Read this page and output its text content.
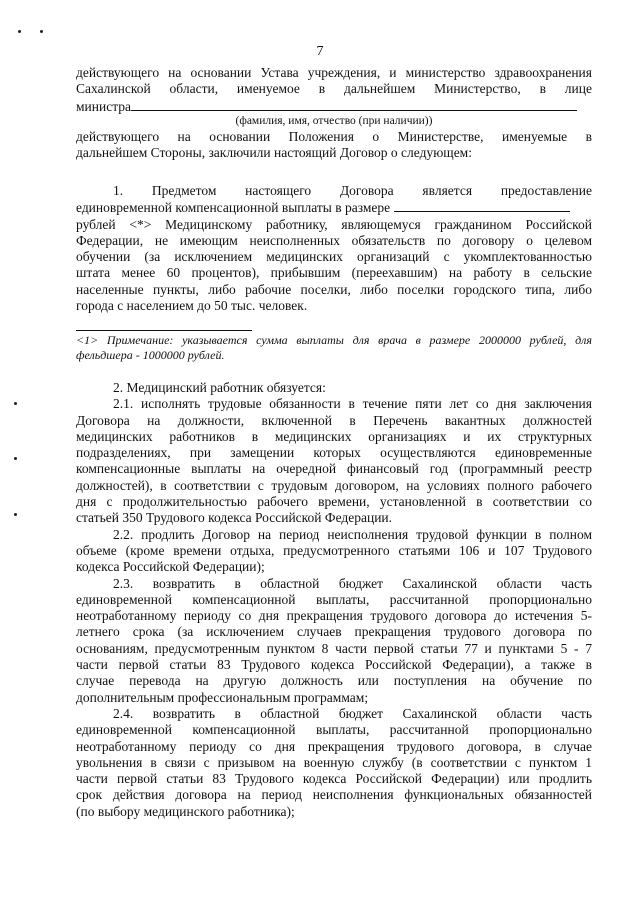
7
действующего на основании Устава учреждения, и министерство здравоохранения
Сахалинской области, именуемое в дальнейшем Министерство, в лице
министра
(фамилия, имя, отчество (при наличии))
действующего на основании Положения о Министерстве, именуемые в
дальнейшем Стороны, заключили настоящий Договор о следующем:
1. Предметом настоящего Договора является предоставление
единовременной компенсационной выплаты в размере
рублей <*> Медицинскому работнику, являющемуся гражданином Российской
Федерации, не имеющим неисполненных обязательств по договору о целевом
обучении (за исключением медицинских организаций с укомплектованностью
штата менее 60 процентов), прибывшим (переехавшим) на работу в сельские
населенные пункты, либо рабочие поселки, либо поселки городского типа, либо
города с населением до 50 тыс. человек.
<1> Примечание: указывается сумма выплаты для врача в размере 2000000 рублей, для
фельдшера - 1000000 рублей.
2. Медицинский работник обязуется:
2.1. исполнять трудовые обязанности в течение пяти лет со дня заключения
Договора на должности, включенной в Перечень вакантных должностей
медицинских работников в медицинских организациях и их структурных
подразделениях, при замещении которых осуществляются единовременные
компенсационные выплаты на очередной финансовый год (программный реестр
должностей), в соответствии с трудовым договором, на условиях полного рабочего
дня с продолжительностью рабочего времени, установленной в соответствии со
статьей 350 Трудового кодекса Российской Федерации.
2.2. продлить Договор на период неисполнения трудовой функции в полном
объеме (кроме времени отдыха, предусмотренного статьями 106 и 107 Трудового
кодекса Российской Федерации);
2.3. возвратить в областной бюджет Сахалинской области часть
единовременной компенсационной выплаты, рассчитанной пропорционально
неотработанному периоду со дня прекращения трудового договора до истечения 5-
летнего срока (за исключением случаев прекращения трудового договора по
основаниям, предусмотренным пунктом 8 части первой статьи 77 и пунктами 5 - 7
части первой статьи 83 Трудового кодекса Российской Федерации), а также в
случае перевода на другую должность или поступления на обучение по
дополнительным профессиональным программам;
2.4. возвратить в областной бюджет Сахалинской области часть
единовременной компенсационной выплаты, рассчитанной пропорционально
неотработанному периоду со дня прекращения трудового договора, в случае
увольнения в связи с призывом на военную службу (в соответствии с пунктом 1
части первой статьи 83 Трудового кодекса Российской Федерации) или продлить
срок действия договора на период неисполнения функциональных обязанностей
(по выбору медицинского работника);
